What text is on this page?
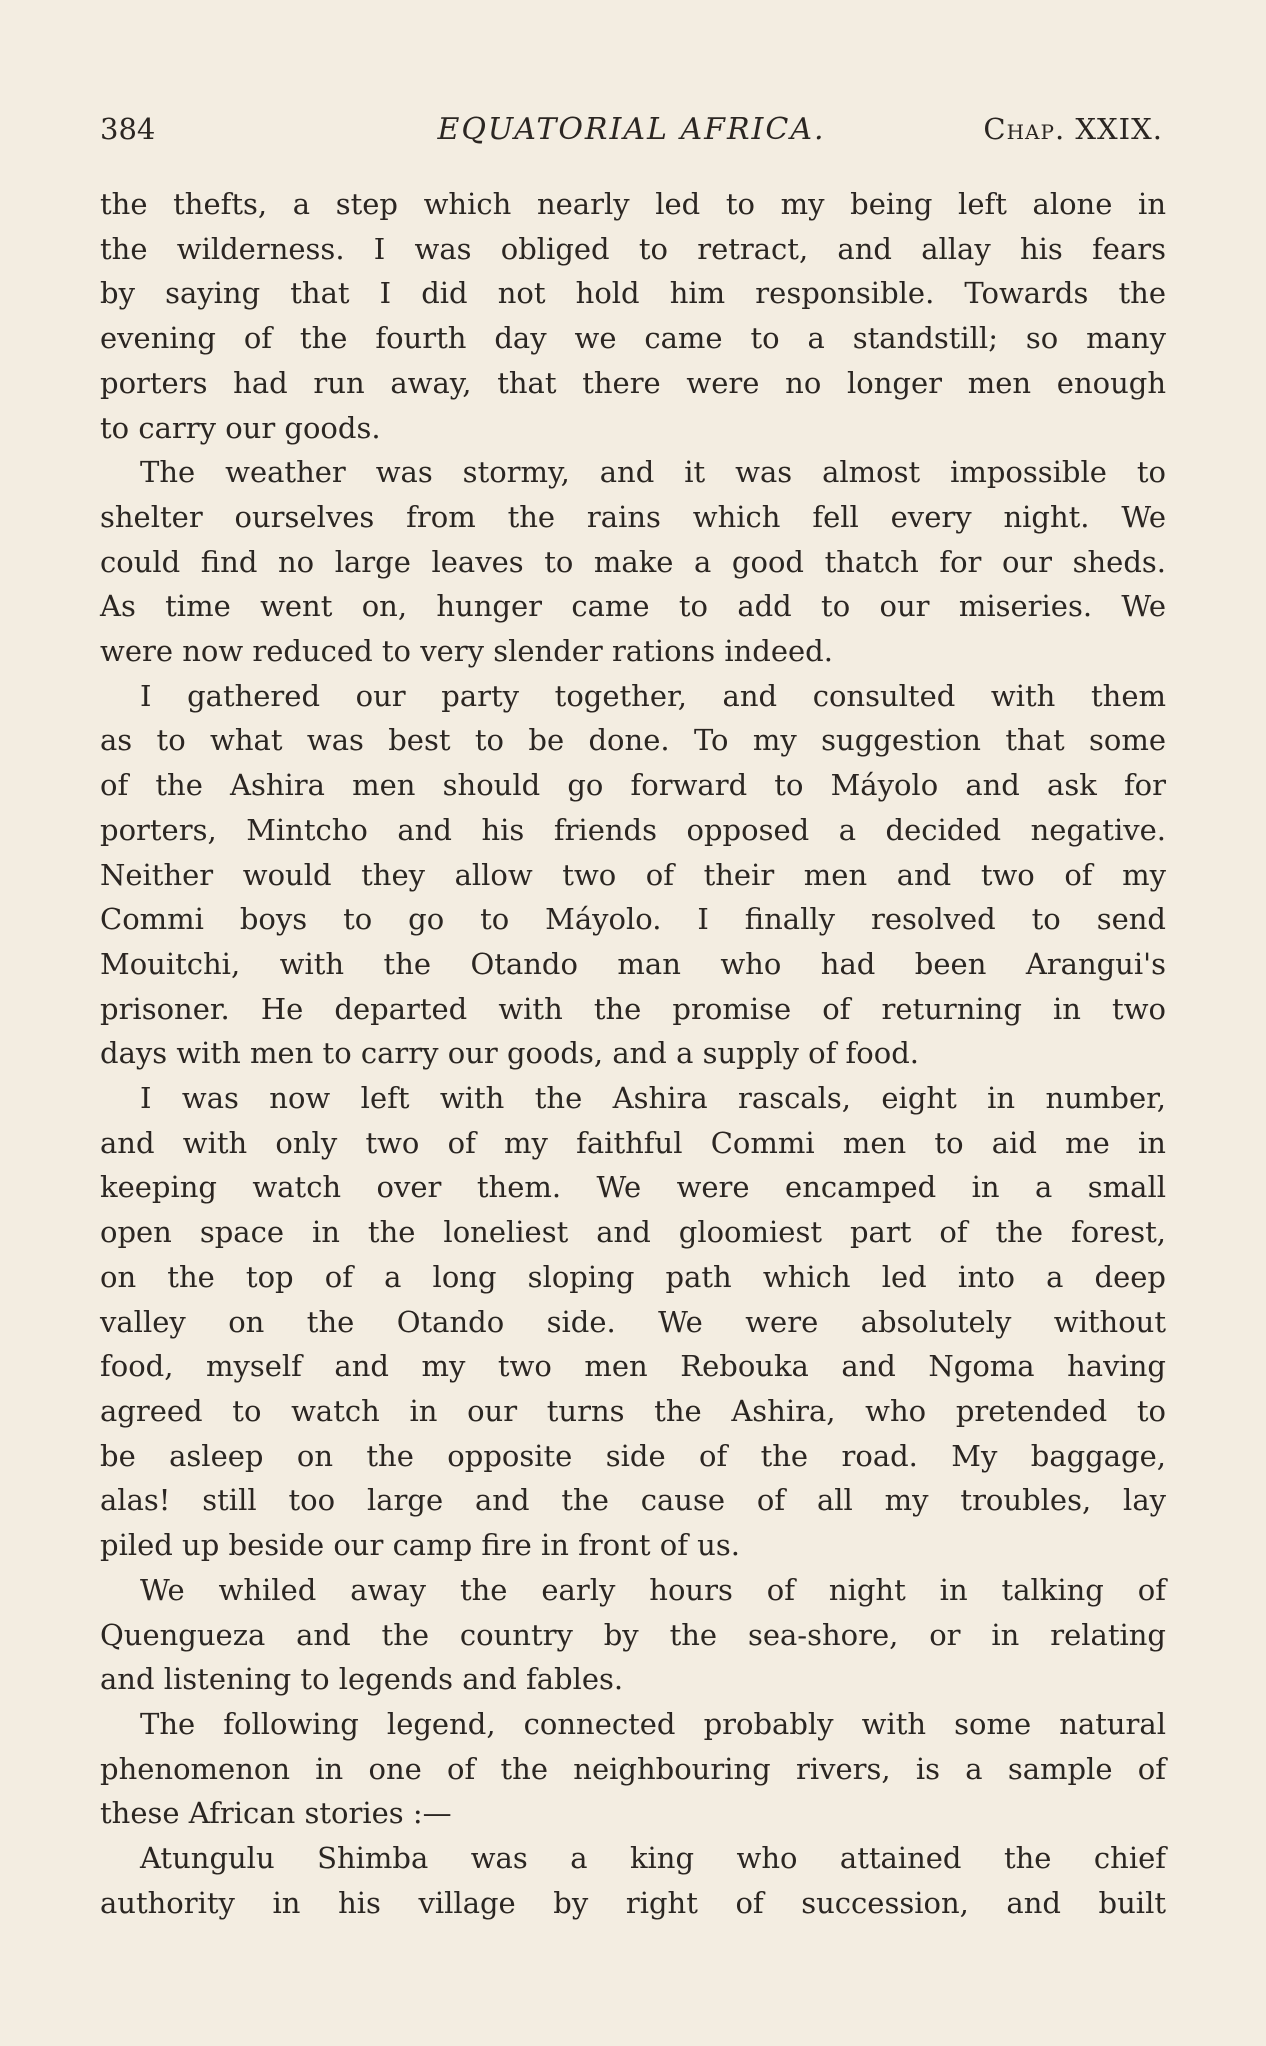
384	EQUATORIAL AFRICA.	Chap. XXIX.
the thefts, a step which nearly led to my being left alone in
the wilderness. I was obliged to retract, and allay his fears
by saying that I did not hold him responsible. Towards the
evening of the fourth day we came to a standstill; so many
porters had run away, that there were no longer men enough
to carry our goods.
The weather was stormy, and it was almost impossible to
shelter ourselves from the rains which fell every night. We
could find no large leaves to make a good thatch for our sheds.
As time went on, hunger came to add to our miseries. We
were now reduced to very slender rations indeed.
I gathered our party together, and consulted with them
as to what was best to be done. To my suggestion that some
of the Ashira men should go forward to Máyolo and ask for
porters, Mintcho and his friends opposed a decided negative.
Neither would they allow two of their men and two of my
Commi boys to go to Máyolo. I finally resolved to send
Mouitchi, with the Otando man who had been Arangui's
prisoner. He departed with the promise of returning in two
days with men to carry our goods, and a supply of food.
I was now left with the Ashira rascals, eight in number,
and with only two of my faithful Commi men to aid me in
keeping watch over them. We were encamped in a small
open space in the loneliest and gloomiest part of the forest,
on the top of a long sloping path which led into a deep
valley on the Otando side. We were absolutely without
food, myself and my two men Rebouka and Ngoma having
agreed to watch in our turns the Ashira, who pretended to
be asleep on the opposite side of the road. My baggage,
alas! still too large and the cause of all my troubles, lay
piled up beside our camp fire in front of us.
We whiled away the early hours of night in talking of
Quengueza and the country by the sea-shore, or in relating
and listening to legends and fables.
The following legend, connected probably with some natural
phenomenon in one of the neighbouring rivers, is a sample of
these African stories :—
Atungulu Shimba was a king who attained the chief
authority in his village by right of succession, and built
